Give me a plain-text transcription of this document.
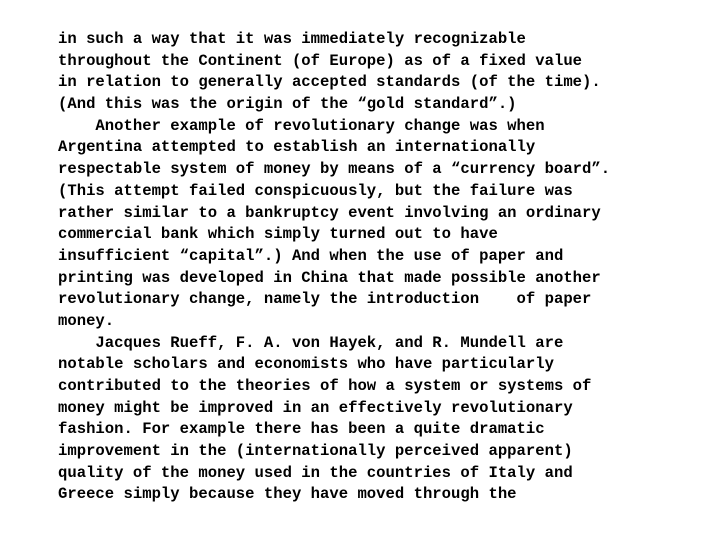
in such a way that it was immediately recognizable
throughout the Continent (of Europe) as of a fixed value
in relation to generally accepted standards (of the time).
(And this was the origin of the “gold standard”.)
Another example of revolutionary change was when
Argentina attempted to establish an internationally
respectable system of money by means of a “currency board”.
(This attempt failed conspicuously, but the failure was
rather similar to a bankruptcy event involving an ordinary
commercial bank which simply turned out to have
insufficient “capital”.) And when the use of paper and
printing was developed in China that made possible another
revolutionary change, namely the introduction    of paper
money.
Jacques Rueff, F. A. von Hayek, and R. Mundell are
notable scholars and economists who have particularly
contributed to the theories of how a system or systems of
money might be improved in an effectively revolutionary
fashion. For example there has been a quite dramatic
improvement in the (internationally perceived apparent)
quality of the money used in the countries of Italy and
Greece simply because they have moved through the
